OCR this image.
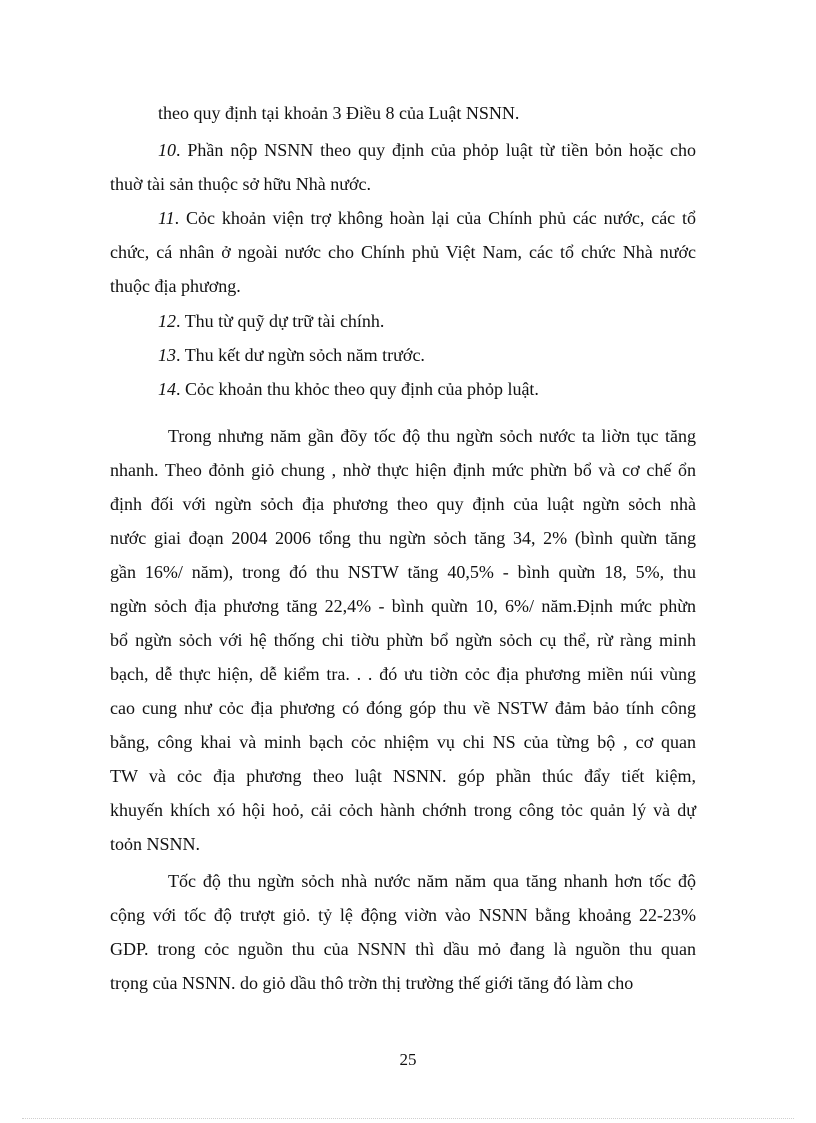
theo quy định tại khoản 3 Điều 8 của Luật NSNN.

10. Phần nộp NSNN theo quy định của phỏp luật từ tiền bỏn hoặc cho

thuờ tài sản thuộc sở hữu Nhà nước.

11. Cỏc khoản viện trợ không hoàn lại của Chính phủ các nước, các tổ

chức, cá nhân ở ngoài nước cho Chính phủ Việt Nam, các tổ chức Nhà nước

thuộc địa phương.

12. Thu từ quỹ dự trữ tài chính.

13. Thu kết dư ngừn sỏch năm trước.

14. Cỏc khoản thu khỏc theo quy định của phỏp luật.

Trong nhưng năm gần đõy tốc độ thu ngừn sỏch nước ta liờn tục tăng
nhanh. Theo đỏnh giỏ chung , nhờ thực hiện định mức phừn bổ và cơ chế ổn
định đối với ngừn sỏch địa phương theo quy định của luật ngừn sỏch nhà
nước giai đoạn 2004 2006 tổng thu ngừn sỏch tăng 34, 2% (bình quừn tăng
gần 16%/ năm), trong đó thu NSTW tăng 40,5% - bình quừn 18, 5%, thu
ngừn sỏch địa phương tăng 22,4% - bình quừn 10, 6%/ năm.Định mức phừn
bổ ngừn sỏch với hệ thống chi tiờu phừn bổ ngừn sỏch cụ thể, rừ ràng minh
bạch, dễ thực hiện, dễ kiểm tra. . . đó ưu tiờn cỏc địa phương miền núi vùng
cao cung như cỏc địa phương có đóng góp thu về NSTW đảm bảo tính công
bằng, công khai và minh bạch cỏc nhiệm vụ chi NS của từng bộ , cơ quan
TW và cỏc địa phương theo luật NSNN. góp phần thúc đẩy tiết kiệm,
khuyến khích xó hội hoỏ, cải cỏch hành chớnh trong công tỏc quản lý và dự
toỏn NSNN.
Tốc độ thu ngừn sỏch nhà nước năm năm qua tăng nhanh hơn tốc độ
cộng với tốc độ trượt giỏ. tỷ lệ động viờn vào NSNN bằng khoảng 22-23%
GDP. trong cỏc nguồn thu của NSNN thì dầu mỏ đang là nguồn thu quan
trọng của NSNN. do giỏ dầu thô trờn thị trường thế giới tăng đó làm cho
25
